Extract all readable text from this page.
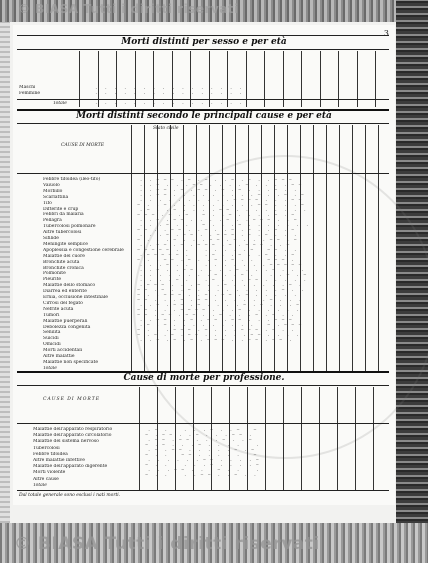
© BIASA Tutti i diritti riservati
3
Morti distinti per sesso e per età
Maschi
Femmine
Totale
.   .   .   .   .   .   .   .   .   .   .   .   .   .   .   .
.   .   .   .   .   .   .   .   .   .   .   .   .   .   .   .

.   .   .   .   .   .   .   .   .   .   .   .   .   .   .   .
Morti distinti secondo le principali cause e per età
CAUSE DI MORTE
Stato civile
Febbre tifoidea (ileo-tifo)
Vaiuolo
Morbillo
Scarlattina
Tifo
Difterite e crup
Febbri da malaria
Pellagra
Tubercolosi polmonare
Altre tubercolosi
Sifilide
Meningite semplice
Apoplessia e congestione cerebrale
Malattie del cuore
Bronchite acuta
Bronchite cronica
Polmonite
Pleurite
Malattie dello stomaco
Diarrea ed enterite
Ernia, occlusione intestinale
Cirrosi del fegato
Nefrite acuta
Tumori
Malattie puerperali
Debolezza congenita
Senilità
Suicidi
Omicidi
Morti accidentali
Altre malattie
Malattie non specificate
Totale
.   .  —  —  —   .  —   .  —   .   .  —   .  —   .   .  —  —  —
.   .  —   .   .   .  —  —   .   .   .   .  —   .   .   .   .  —  —
.   .  —  —   .  —   .  —  —   .  —   .  —   .   .   .  —   .   .
.   .  —  —   .   .   .   .   .   .   .   .   .  —   .   .  —   .  —
.   .   .   .   .   .   .   .   .   .  —  —  —  —   .   .   .  —  —
—   .   .  —   .   .   .   .   .   .   .   .   .  —  —   .   .   .  —
.  —   .   .  —   .   .   .   .  —  —   .   .   .   .   .   .   .   .
—  —  —   .  —   .  —   .  —   .   .  —   .   .   .   .  —   .  —
.   .  —   .  —  —   .   .   .   .  —   .   .  —  —  —   .   .  —
.   .   .  —   .   .   .  —   .   .   .  —   .   .   .   .   .   .   .
—  —   .   .  —  —   .   .  —   .   .  —   .  —   .   .  —   .  —
.   .   .  —   .  —  —   .   .  —  —  —   .  —   .  —   .   .   .
—   .   .   .  —   .   .   .  —  —   .  —   .   .   .  —  —   .  —
.   .  —  —   .  —   .  —  —  —   .  —   .  —  —  —   .   .  —
—  —  —  —  —   .   .   .   .   .   .   .   .  —   .  —  —   .   .
.  —  —  —  —  —   .   .   .  —   .   .  —   .   .  —   .   .  —
—   .   .  —  —   .  —   .   .  —   .  —   .   .   .  —  —  —   .
.   .   .  —   .   .   .   .   .   .   .   .   .   .  —  —  —  —  —
.   .  —   .   .  —  —   .   .   .   .  —   .   .   .  —   .   .   .
.   .   .   .   .   .   .   .  —   .   .  —   .   .   .   .  —   .  —
.   .   .   .  —   .   .   .  —   .   .   .  —  —   .   .   .   .   .
.  —  —  —   .   .   .  —   .   .  —   .   .   .   .   .   .  —   .
—  —   .  —   .   .  —   .   .   .   .   .   .   .   .   .  —   .   .
—   .   .  —  —  —   .   .  —   .  —  —   .  —   .   .   .   .   .
—  —   .   .   .  —   .  —  —   .   .   .   .   .   .  —   .   .   .
.   .  —   .  —  —   .  —   .   .   .   .  —   .  —   .   .   .  —
—  —   .   .   .  —  —  —  —   .   .   .  —   .   .   .   .   .   .
—  —   .  —  —   .  —  —   .   .  —   .   .   .  —   .  —   .   .
.   .  —  —   .   .  —   .  —  —   .  —  —   .   .   .  —  —  —
.  —   .  —   .   .   .   .   .   .   .   .   .   .  —   .  —  —  —
—   .   .   .  —  —  —   .  —   .   .   .  —  —  —   .  —   .   .
—   .  —   .  —   .  —  —   .   .   .   .   .  —  —   .   .   .   .
.   .  —   .  —   .  —   .  —  —  —   .   .  —  —   .  —  —   .

Cause di morte per professione.
CAUSE DI MORTE
Malattie dell'apparato respiratorio
Malattie dell'apparato circolatorio
Malattie del sistema nervoso
Tubercolosi
Febbre tifoidea
Altre malattie infettive
Malattie dell'apparato digerente
Morti violente
Altre cause
Totale
.  —   .   .   .   .   .  —   .   .  —   .  —
—   .  —  —   .   .  —   .   .   .  —  —   .
.  —  —   .  —  —   .   .   .  —   .   .  —
—   .  —   .   .   .  —   .   .   .   .   .   .
.  —   .  —  —   .   .   .   .   .  —   .  —
—   .   .   .  —  —   .   .   .   .   .   .  —
.   .   .   .   .   .  —  —   .   .   .   .  —
—   .   .   .   .   .   .  —   .   .   .   .  —
.   .   .  —  —   .   .   .  —   .   .   .   .
—   .   .   .   .   .  —  —   .   .  —   .   .

Dal totale generale sono esclusi i nati morti.
© BIASA Tutti i diritti riservati
